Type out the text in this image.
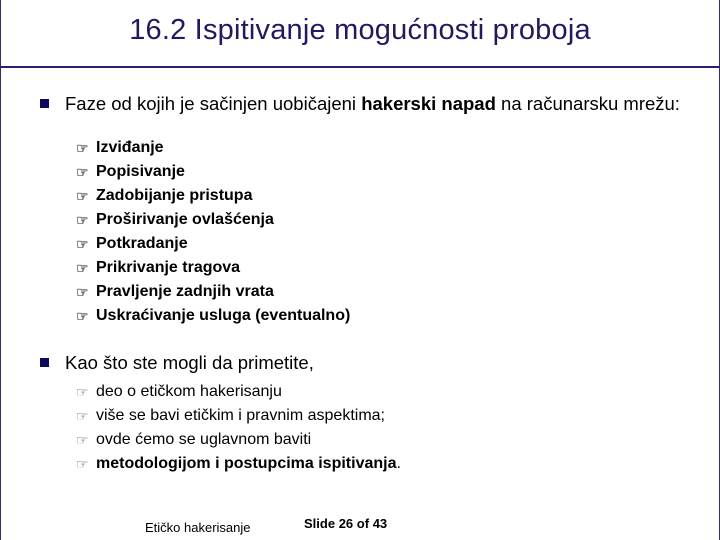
16.2 Ispitivanje mogućnosti proboja
Faze od kojih je sačinjen uobičajeni hakerski napad na računarsku mrežu:
☞ Izviđanje
☞ Popisivanje
☞ Zadobijanje pristupa
☞ Proširivanje ovlašćenja
☞ Potkradanje
☞ Prikrivanje tragova
☞ Pravljenje zadnjih vrata
☞ Uskraćivanje usluga (eventualno)
Kao što ste mogli da primetite,
☞ deo o etičkom hakerisanju
☞ više se bavi etičkim i pravnim aspektima;
☞ ovde ćemo se uglavnom baviti
☞ metodologijom i postupcima ispitivanja.
Etičko hakerisanje	Slide 26 of 43
